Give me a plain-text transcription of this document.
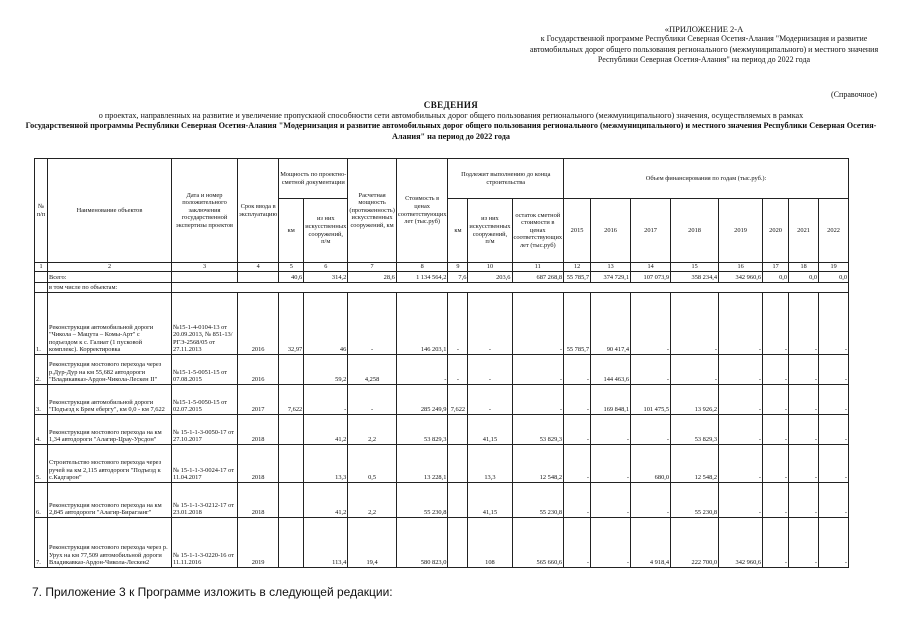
«ПРИЛОЖЕНИЕ 2-А
к Государственной программе Республики Северная Осетия-Алания "Модернизация и развитие автомобильных дорог общего пользования регионального (межмуниципального) и местного значения Республики Северная Осетия-Алания" на период до 2022 года
(Справочное)
СВЕДЕНИЯ
о проектах, направленных на развитие и увеличение пропускной способности сети автомобильных дорог общего пользования регионального (межмуниципального) значения, осуществляемых в рамках
Государственной программы Республики Северная Осетия-Алания "Модернизация и развитие автомобильных дорог общего пользования регионального (межмуниципального) и местного значения Республики Северная Осетия-Алания" на период до 2022 года
№ п/п	Наименование объектов	Дата и номер положительного заключения государственной экспертизы проектов	Срок ввода в эксплуатацию	Мощность по проектно-сметной документации		Расчетная мощность (протяженность) искусственных сооружений, км	Стоимость в ценах соответствующих лет (тыс.руб)	Подлежит выполнению до конца строительства			Объем финансирования по годам (тыс.руб.):							
				км	из них искусственных сооружений, п/м			км	из них искусственных сооружений, п/м	остаток сметной стоимости в ценах соответствующих лет (тыс.руб)	2015	2016	2017	2018	2019	2020	2021	2022
1	2	3	4	5	6	7	8	9	10	11	12	13	14	15	16	17	18	19
	Всего:			40,6	314,2	28,6	1 134 564,2	7,6	203,6	687 268,8	55 785,7	374 729,1	107 073,9	358 234,4	342 960,6	0,0	0,0	0,0
	в том числе по объектам:																	
1.	Реконструкция автомобильной дороги "Чикола – Мацута – Комы-Арт" с подъездом к с. Галиат (1 пусковой комплекс). Корректировка	№15-1-4-0104-13 от 20.09.2013, № 851-13/РГЭ-2568/05 от 27.11.2013	2016	32,97	46	-	146 203,1	-	-	-	55 785,7	90 417,4	-	-	-	-	-	-
2.	Реконструкция мостового перехода через р.Дур-Дур на км 55,682 автодороги "Владикавказ-Ардон-Чикола-Лескен II"	№15-1-5-0051-15 от 07.08.2015	2016		59,2	4,258	-	-	-	-	-	144 463,6	-	-	-	-	-	-
3.	Реконструкция автомобильной дороги "Подъезд к Брем ебергу", км 0,0 - км 7,622	№15-1-5-0050-15 от 02.07.2015	2017	7,622	-	-	285 249,9	7,622	-	-	-	169 848,1	101 475,5	13 926,2	-	-	-	-
4.	Реконструкция мостового перехода на км 1,34 автодороги "Алагир-Црау-Урсдон"	№ 15-1-1-3-0050-17 от 27.10.2017	2018		41,2	2,2	53 829,3		41,15	53 829,3	-	-	-	53 829,3	-	-	-	-
5.	Строительство мостового перехода через ручей на км 2,115 автодороги "Подъезд к с.Кадгарон"	№ 15-1-1-3-0024-17 от 11.04.2017	2018		13,3	0,5	13 228,1		13,3	12 548,2	-	-	680,0	12 548,2	-	-	-	-
6.	Реконструкция мостового перехода на км 2,845 автодороги "Алагир-Бирагзанг"	№ 15-1-1-3-0212-17 от 23.01.2018	2018		41,2	2,2	55 230,8		41,15	55 230,8	-	-	-	55 230,8	-	-	-	-
7.	Реконструкция мостового перехода через р. Урух на км 77,509 автомобильной дороги Владикавказ-Ардон-Чикола-Лескен2	№ 15-1-1-3-0220-16 от 11.11.2016	2019		113,4	19,4	580 823,0		108	565 660,6	-	-	4 918,4	222 700,0	342 960,6	-	-	-
7. Приложение 3 к Программе изложить в следующей редакции:
